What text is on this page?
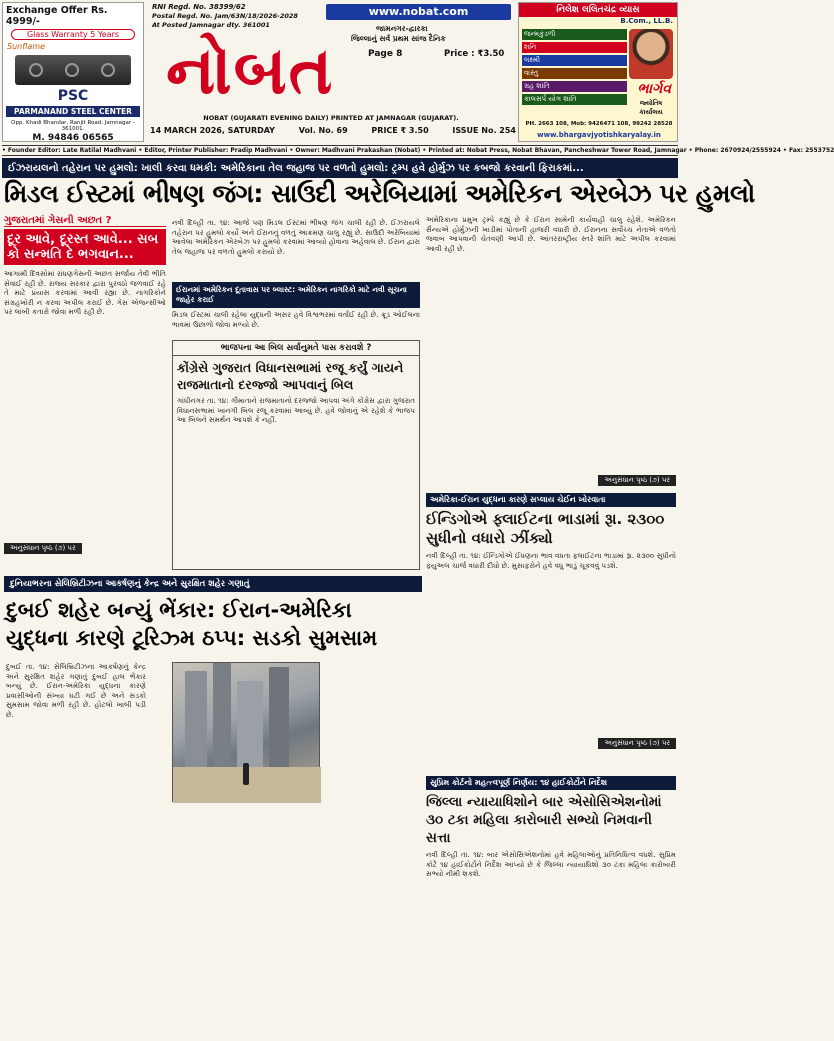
Exchange Offer Rs. 4999/-
Glass Warranty 5 Years
Sunflame
PSC
PARMANAND STEEL CENTER
Opp. Khadi Bhandar, Ranjit Road, Jamnagar - 361001.
M. 94846 06565
RNI Regd. No. 38399/62
Postal Regd. No. Jam/63N/18/2026-2028
At Posted Jamnagar dty. 361001
www.nobat.com
જામનગર-દ્વારકા
જિલ્લાનું સર્વ પ્રથમ સાંજ દૈનિક
Page 8	Price : ₹3.50
નોબત
NOBAT (GUJARATI EVENING DAILY) PRINTED AT JAMNAGAR (GUJARAT).
14 MARCH 2026, SATURDAY	Vol. No. 69	PRICE ₹ 3.50	ISSUE No. 254
નિલેશ લલિતચંદ્ર વ્યાસ
B.Com., LL.B.
ભાર્ગવ
જ્યોતિષ કાર્યાલય
જન્મકુંડળી
શનિ
લક્ષ્મી
વાસ્તુ
ગ્રહ શાંતિ
કાલસર્પ યોગ શાંતિ
PH. 2663 108, Mob: 9426471 108, 99242 28528
www.bhargavjyotishkaryalay.in
• Founder Editor: Late Ratilal Madhvani • Editor, Printer Publisher: Pradip Madhvani • Owner: Madhvani Prakashan (Nobat) • Printed at: Nobat Press, Nobat Bhavan, Pancheshwar Tower Road, Jamnagar • Phone: 2670924/2555924 • Fax: 2553752
ઈઝરાયલનો તહેરાન પર હુમલો: ખાલી કરવા ધમકી: અમેરિકાના તેલ જહાજ પર વળતો હુમલો: ટ્રમ્પ હવે હોર્મુઝ પર કબજો કરવાની ફિરાકમાં...
મિડલ ઈસ્ટમાં ભીષણ જંગ: સાઉદી અરેબિયામાં અમેરિકન એરબેઝ પર હુમલો
ગુજરાતમાં ગેસની અછત ?
દૂર આવે, દૂરસ્ત આવે... સબ કો સન્મતિ દે ભગવાન...
આગામી દિવસોમાં રાંધણગેસની અછત સર્જાય તેવી ભીતિ સેવાઈ રહી છે. રાજ્ય સરકાર દ્વારા પુરવઠો જળવાઈ રહે તે માટે પ્રયાસ કરવામાં આવી રહ્યા છે. નાગરિકોને સંગ્રહખોરી ન કરવા અપીલ કરાઈ છે. ગેસ એજન્સીઓ પર લાંબી કતારો જોવા મળી રહી છે.
અનુસંધાન પૃષ્ઠ (૭) પર
નવી દિલ્હી તા. ૧૪: આજે પણ મિડલ ઈસ્ટમાં ભીષણ જંગ ચાલી રહી છે. ઈઝરાયલે તહેરાન પર હુમલો કર્યો અને ઈરાનનું વળતું આક્રમણ ચાલુ રહ્યું છે. સાઉદી અરેબિયામાં આવેલા અમેરિકન એરબેઝ પર હુમલો કરવામાં આવ્યો હોવાના અહેવાલ છે. ઈરાન દ્વારા તેલ જહાજ પર વળતો હુમલો કરાયો છે.
ઈરાનમાં અમેરિકન દૂતાવાસ પર બ્લાસ્ટ: અમેરિકન નાગરિકો માટે નવી સૂચના જાહેર કરાઈ
મિડલ ઈસ્ટમાં ચાલી રહેલા યુદ્ધની અસર હવે વિશ્વભરમાં વર્તાઈ રહી છે. ક્રૂડ ઓઈલના ભાવમાં ઉછાળો જોવા મળ્યો છે.
ભાજપના આ બિલ સર્વાનુમતે પાસ કરાવશે ?
કોંગ્રેસે ગુજરાત વિધાનસભામાં રજૂ કર્યું ગાયને રાજમાતાનો દરજ્જો આપવાનું બિલ
ગાંધીનગર તા. ૧૪: ગૌમાતાને રાજમાતાનો દરજ્જો આપવા અંગે કોંગ્રેસ દ્વારા ગુજરાત વિધાનસભામાં ખાનગી બિલ રજૂ કરવામાં આવ્યું છે. હવે જોવાનું એ રહેશે કે ભાજપ આ બિલને સમર્થન આપશે કે નહીં.
અમેરિકાના પ્રમુખ ટ્રમ્પે કહ્યું છે કે ઈરાન સામેની કાર્યવાહી ચાલુ રહેશે. અમેરિકન સૈન્યએ હોર્મુઝની ખાડીમાં પોતાની હાજરી વધારી છે. ઈરાનના સર્વોચ્ચ નેતાએ વળતો જવાબ આપવાની ચેતવણી આપી છે. આંતરરાષ્ટ્રીય સ્તરે શાંતિ માટે અપીલ કરવામાં આવી રહી છે.
અનુસંધાન પૃષ્ઠ (૭) પર
અમેરિકા-ઈરાન યુદ્ધના કારણે સપ્લાય ચેઈન ખોરવાતા
ઈન્ડિગોએ ફ્લાઈટના ભાડામાં રૂા. ૨૩૦૦ સુધીનો વધારો ઝીંક્યો
નવી દિલ્હી તા. ૧૪: ઈન્ડિગોએ ઈંધણના ભાવ વધતા ફ્લાઈટના ભાડામાં રૂા. ૨૩૦૦ સુધીનો ફ્યુઅલ ચાર્જ વધારી દીધો છે. મુસાફરોને હવે વધુ ભાડું ચૂકવવું પડશે.
અનુસંધાન પૃષ્ઠ (૭) પર
દુનિયાભરના સેલિબ્રિટીઝના આકર્ષણનું કેન્દ્ર અને સુરક્ષિત શહેર ગણાતું
દુબઈ શહેર બન્યું ભેંકાર: ઈરાન-અમેરિકા યુદ્ધના કારણે ટૂરિઝ્મ ઠપ્પ: સડકો સુમસામ
દુબઈ તા. ૧૪: સેલિબ્રિટીઝના આકર્ષણનું કેન્દ્ર અને સુરક્ષિત શહેર ગણાતું દુબઈ હાલ ભેંકાર બન્યું છે. ઈરાન-અમેરિકા યુદ્ધના કારણે પ્રવાસીઓની સંખ્યા ઘટી ગઈ છે અને સડકો સુમસામ જોવા મળી રહી છે. હોટલો ખાલી પડી છે.
સુપ્રિમ કોર્ટનો મહત્ત્વપૂર્ણ નિર્ણય: ૧૪ હાઈકોર્ટોને નિર્દેશ
જિલ્લા ન્યાયાધિશોને બાર એસોસિએશનોમાં ૩૦ ટકા મહિલા કારોબારી સભ્યો નિમવાની સત્તા
નવી દિલ્હી તા. ૧૪: બાર એસોસિએશનોમાં હવે મહિલાઓનું પ્રતિનિધિત્વ વધશે. સુપ્રિમ કોર્ટે ૧૪ હાઈકોર્ટોને નિર્દેશ આપ્યો છે કે જિલ્લા ન્યાયાધિશો ૩૦ ટકા મહિલા કારોબારી સભ્યો નીમી શકશે.
